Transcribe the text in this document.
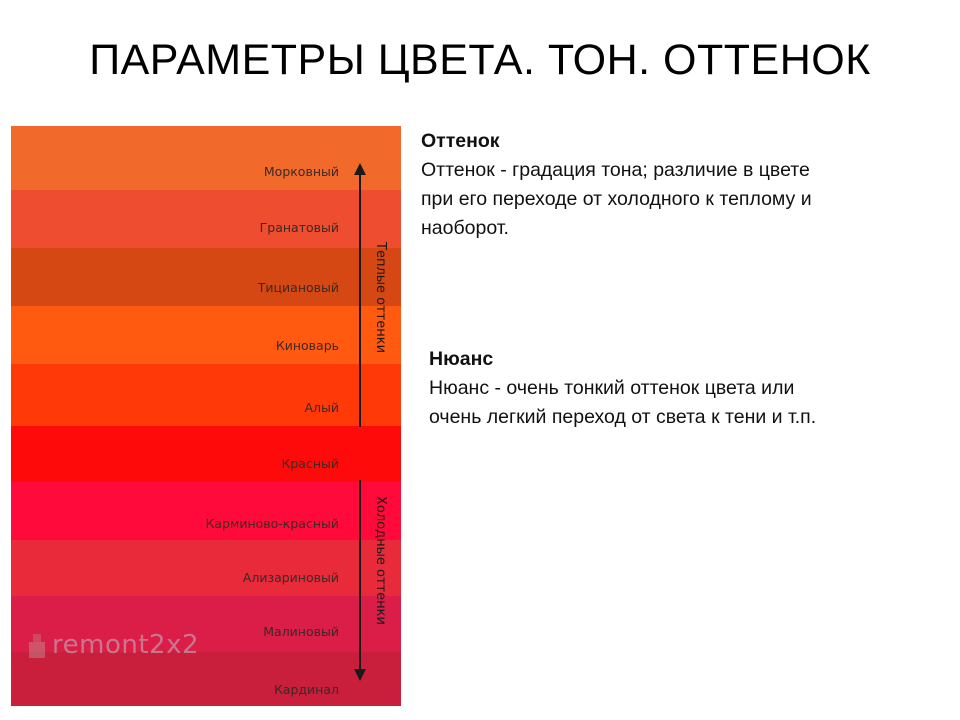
ПАРАМЕТРЫ ЦВЕТА. ТОН. ОТТЕНОК
Морковный
Гранатовый
Тициановый
Киноварь
Алый
Красный
Карминово-красный
Ализариновый
Малиновый
Кардинал
Теплые оттенки
Холодные оттенки
remont2x2
Оттенок
Оттенок - градация тона; различие в цвете
при его переходе от холодного к теплому и
наоборот.
Нюанс
Нюанс - очень тонкий оттенок цвета или
очень легкий переход от света к тени и т.п.
